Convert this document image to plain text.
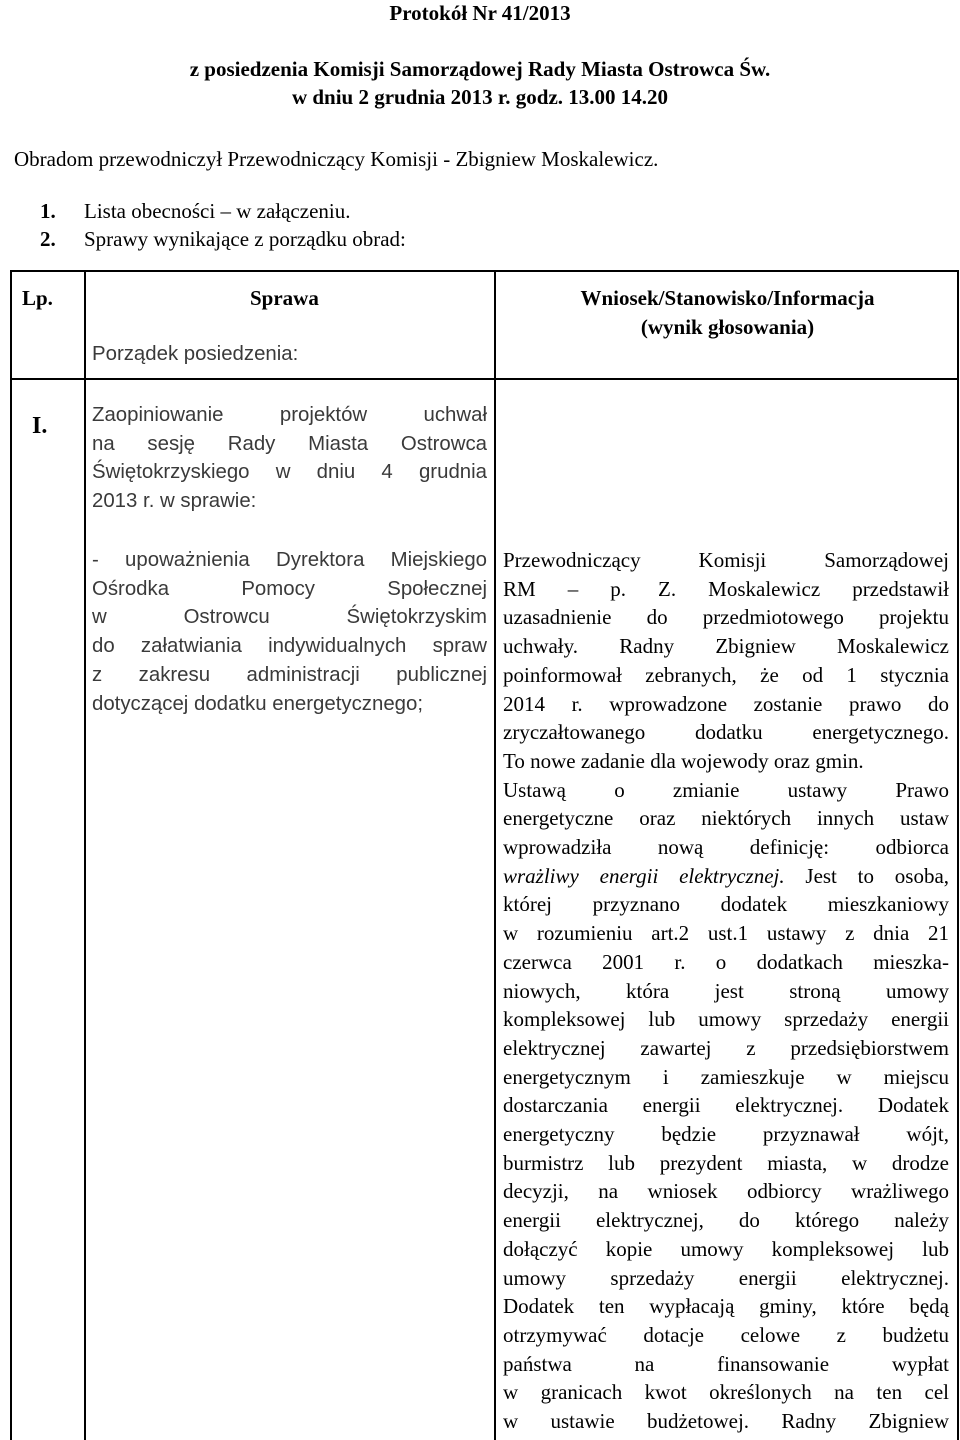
Protokół Nr 41/2013
z posiedzenia Komisji Samorządowej Rady Miasta Ostrowca Św.
w dniu 2 grudnia 2013 r. godz. 13.00 14.20
Obradom przewodniczył Przewodniczący Komisji - Zbigniew Moskalewicz.
1. Lista obecności – w załączeniu.
2. Sprawy wynikające z porządku obrad:
Lp.	Sprawa	Wniosek/Stanowisko/Informacja
(wynik głosowania)
Porządek posiedzenia:
I. Zaopiniowanie projektów uchwał
na sesję Rady Miasta Ostrowca
Świętokrzyskiego w dniu 4 grudnia
2013 r. w sprawie:
- upoważnienia Dyrektora Miejskiego
Ośrodka Pomocy Społecznej
w Ostrowcu Świętokrzyskim
do załatwiania indywidualnych spraw
z zakresu administracji publicznej
dotyczącej dodatku energetycznego;
Przewodniczący Komisji Samorządowej
RM – p. Z. Moskalewicz przedstawił
uzasadnienie do przedmiotowego projektu
uchwały. Radny Zbigniew Moskalewicz
poinformował zebranych, że od 1 stycznia
2014 r. wprowadzone zostanie prawo do
zryczałtowanego dodatku energetycznego.
To nowe zadanie dla wojewody oraz gmin.
Ustawą o zmianie ustawy Prawo
energetyczne oraz niektórych innych ustaw
wprowadziła nową definicję: odbiorca
wrażliwy energii elektrycznej. Jest to osoba,
której przyznano dodatek mieszkaniowy
w rozumieniu art.2 ust.1 ustawy z dnia 21
czerwca 2001 r. o dodatkach mieszka-
niowych, która jest stroną umowy
kompleksowej lub umowy sprzedaży energii
elektrycznej zawartej z przedsiębiorstwem
energetycznym i zamieszkuje w miejscu
dostarczania energii elektrycznej. Dodatek
energetyczny będzie przyznawał wójt,
burmistrz lub prezydent miasta, w drodze
decyzji, na wniosek odbiorcy wrażliwego
energii elektrycznej, do którego należy
dołączyć kopie umowy kompleksowej lub
umowy sprzedaży energii elektrycznej.
Dodatek ten wypłacają gminy, które będą
otrzymywać dotacje celowe z budżetu
państwa na finansowanie wypłat
w granicach kwot określonych na ten cel
w ustawie budżetowej. Radny Zbigniew
